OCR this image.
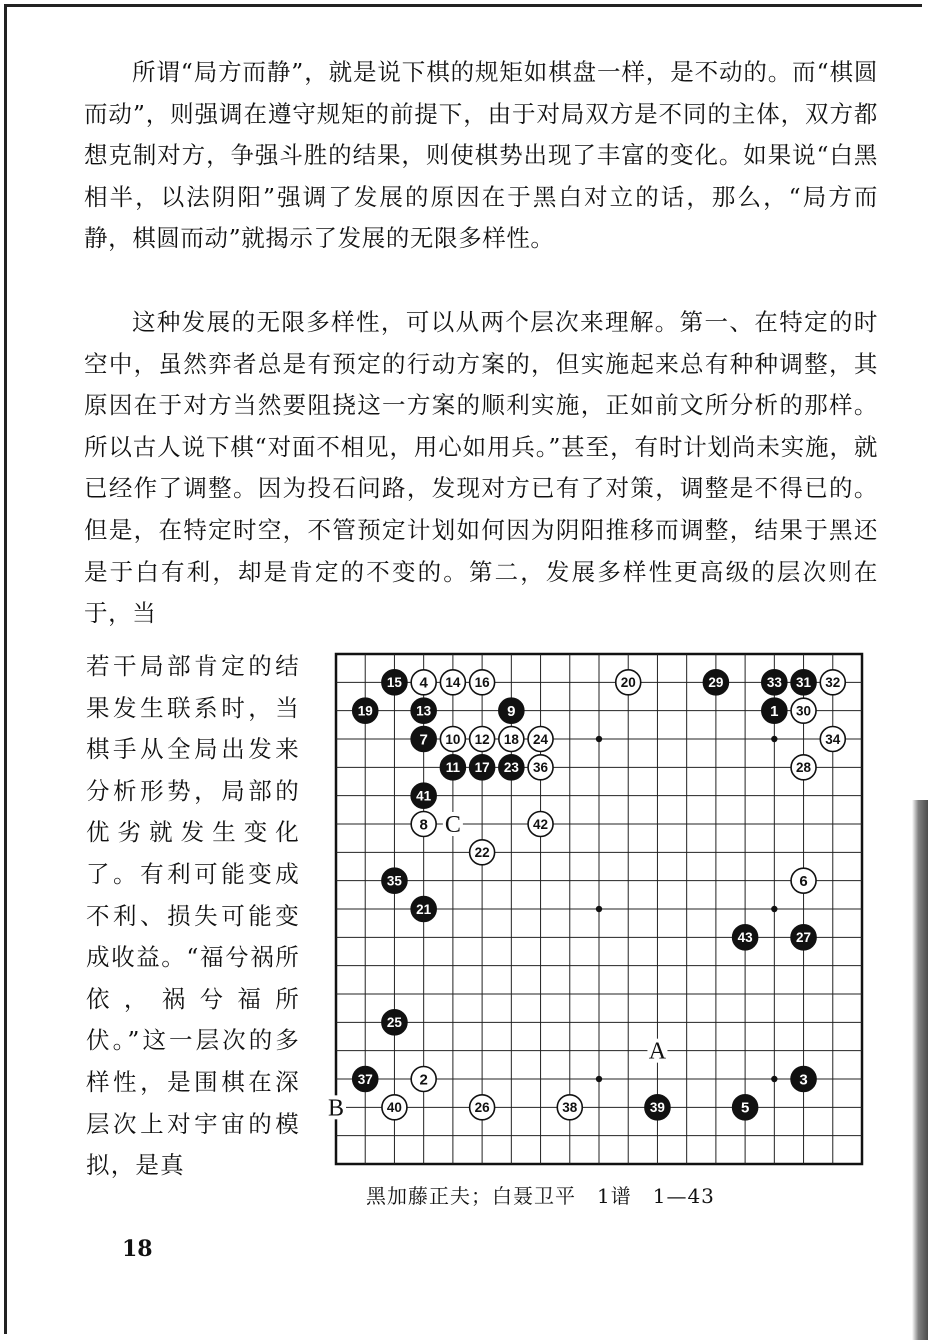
所谓“局方而静”，就是说下棋的规矩如棋盘一样，是不动的。而“棋圆而动”，则强调在遵守规矩的前提下，由于对局双方是不同的主体，双方都想克制对方，争强斗胜的结果，则使棋势出现了丰富的变化。如果说“白黑相半，以法阴阳”强调了发展的原因在于黑白对立的话，那么，“局方而静，棋圆而动”就揭示了发展的无限多样性。

这种发展的无限多样性，可以从两个层次来理解。第一、在特定的时空中，虽然弈者总是有预定的行动方案的，但实施起来总有种种调整，其原因在于对方当然要阻挠这一方案的顺利实施，正如前文所分析的那样。所以古人说下棋“对面不相见，用心如用兵。”甚至，有时计划尚未实施，就已经作了调整。因为投石问路，发现对方已有了对策，调整是不得已的。但是，在特定时空，不管预定计划如何因为阴阳推移而调整，结果于黑还是于白有利，却是肯定的不变的。第二，发展多样性更高级的层次则在于，当

若干局部肯定的结果发生联系时，当棋手从全局出发来分析形势，局部的优劣就发生变化了。有利可能变成不利、损失可能变成收益。“福兮祸所依，祸兮福所伏。”这一层次的多样性，是围棋在深层次上对宇宙的模拟，是真

C
A
B
1
2	3
4
5
6
7
8
9
10
11
12
13
14
15	16
17
18
19
20
21
22
23
24
25
26
27
28
29
30
31 32
33
34
35
36
37
38	39
40
41
42
43
黑加藤正夫；白聂卫平　1谱　1—43
18
